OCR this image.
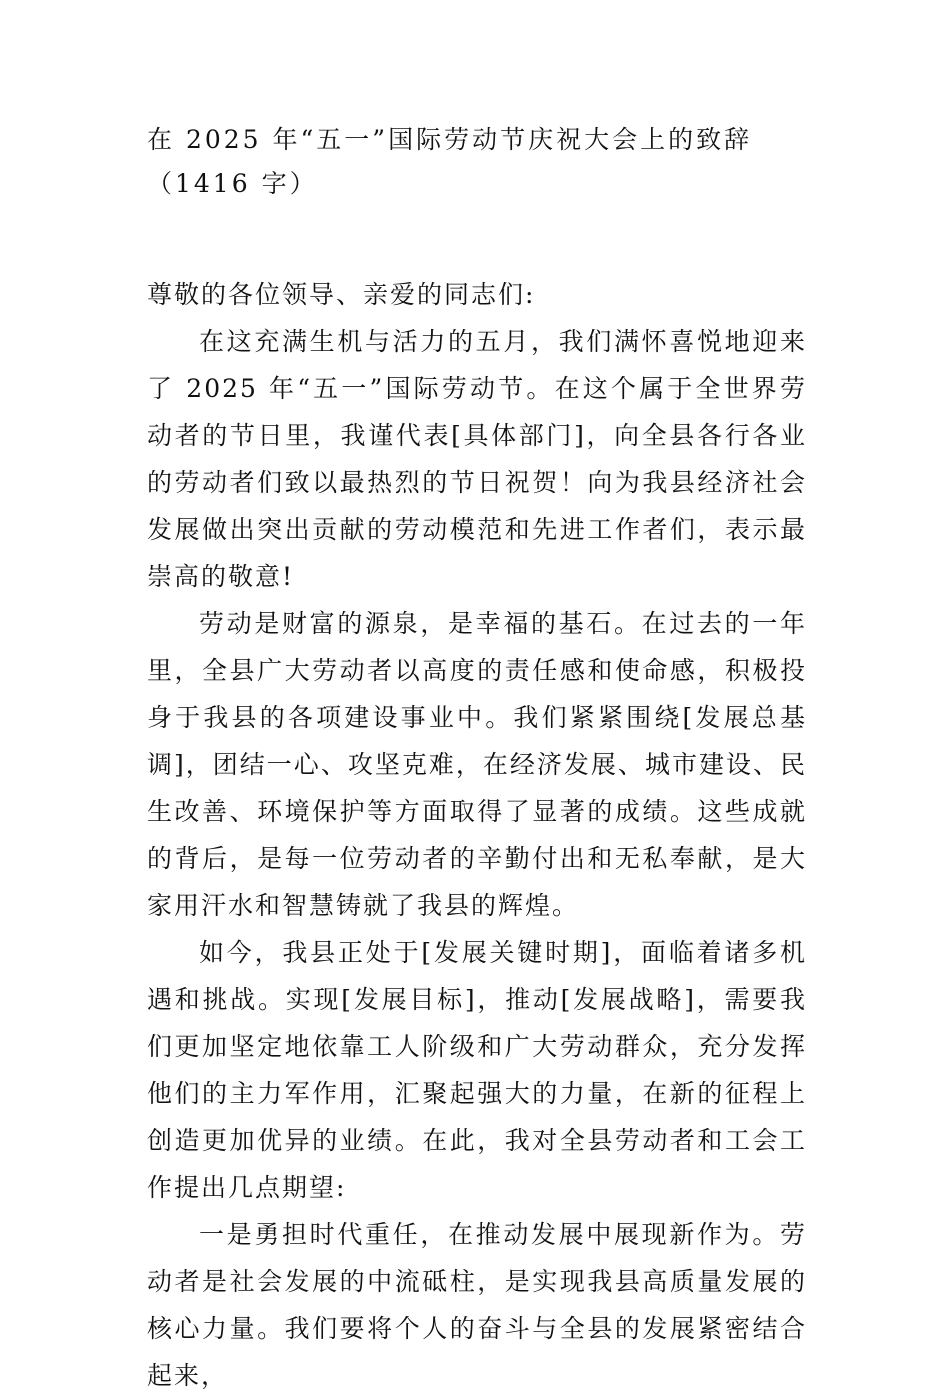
在 2025 年“五一”国际劳动节庆祝大会上的致辞（1416 字）

尊敬的各位领导、亲爱的同志们:

在这充满生机与活力的五月，我们满怀喜悦地迎来了 2025 年“五一”国际劳动节。在这个属于全世界劳动者的节日里，我谨代表[具体部门]，向全县各行各业的劳动者们致以最热烈的节日祝贺！向为我县经济社会发展做出突出贡献的劳动模范和先进工作者们，表示最崇高的敬意!

劳动是财富的源泉，是幸福的基石。在过去的一年里，全县广大劳动者以高度的责任感和使命感，积极投身于我县的各项建设事业中。我们紧紧围绕[发展总基调]，团结一心、攻坚克难，在经济发展、城市建设、民生改善、环境保护等方面取得了显著的成绩。这些成就的背后，是每一位劳动者的辛勤付出和无私奉献，是大家用汗水和智慧铸就了我县的辉煌。

如今，我县正处于[发展关键时期]，面临着诸多机遇和挑战。实现[发展目标]，推动[发展战略]，需要我们更加坚定地依靠工人阶级和广大劳动群众，充分发挥他们的主力军作用，汇聚起强大的力量，在新的征程上创造更加优异的业绩。在此，我对全县劳动者和工会工作提出几点期望:

一是勇担时代重任，在推动发展中展现新作为。劳动者是社会发展的中流砥柱，是实现我县高质量发展的核心力量。我们要将个人的奋斗与全县的发展紧密结合起来，
